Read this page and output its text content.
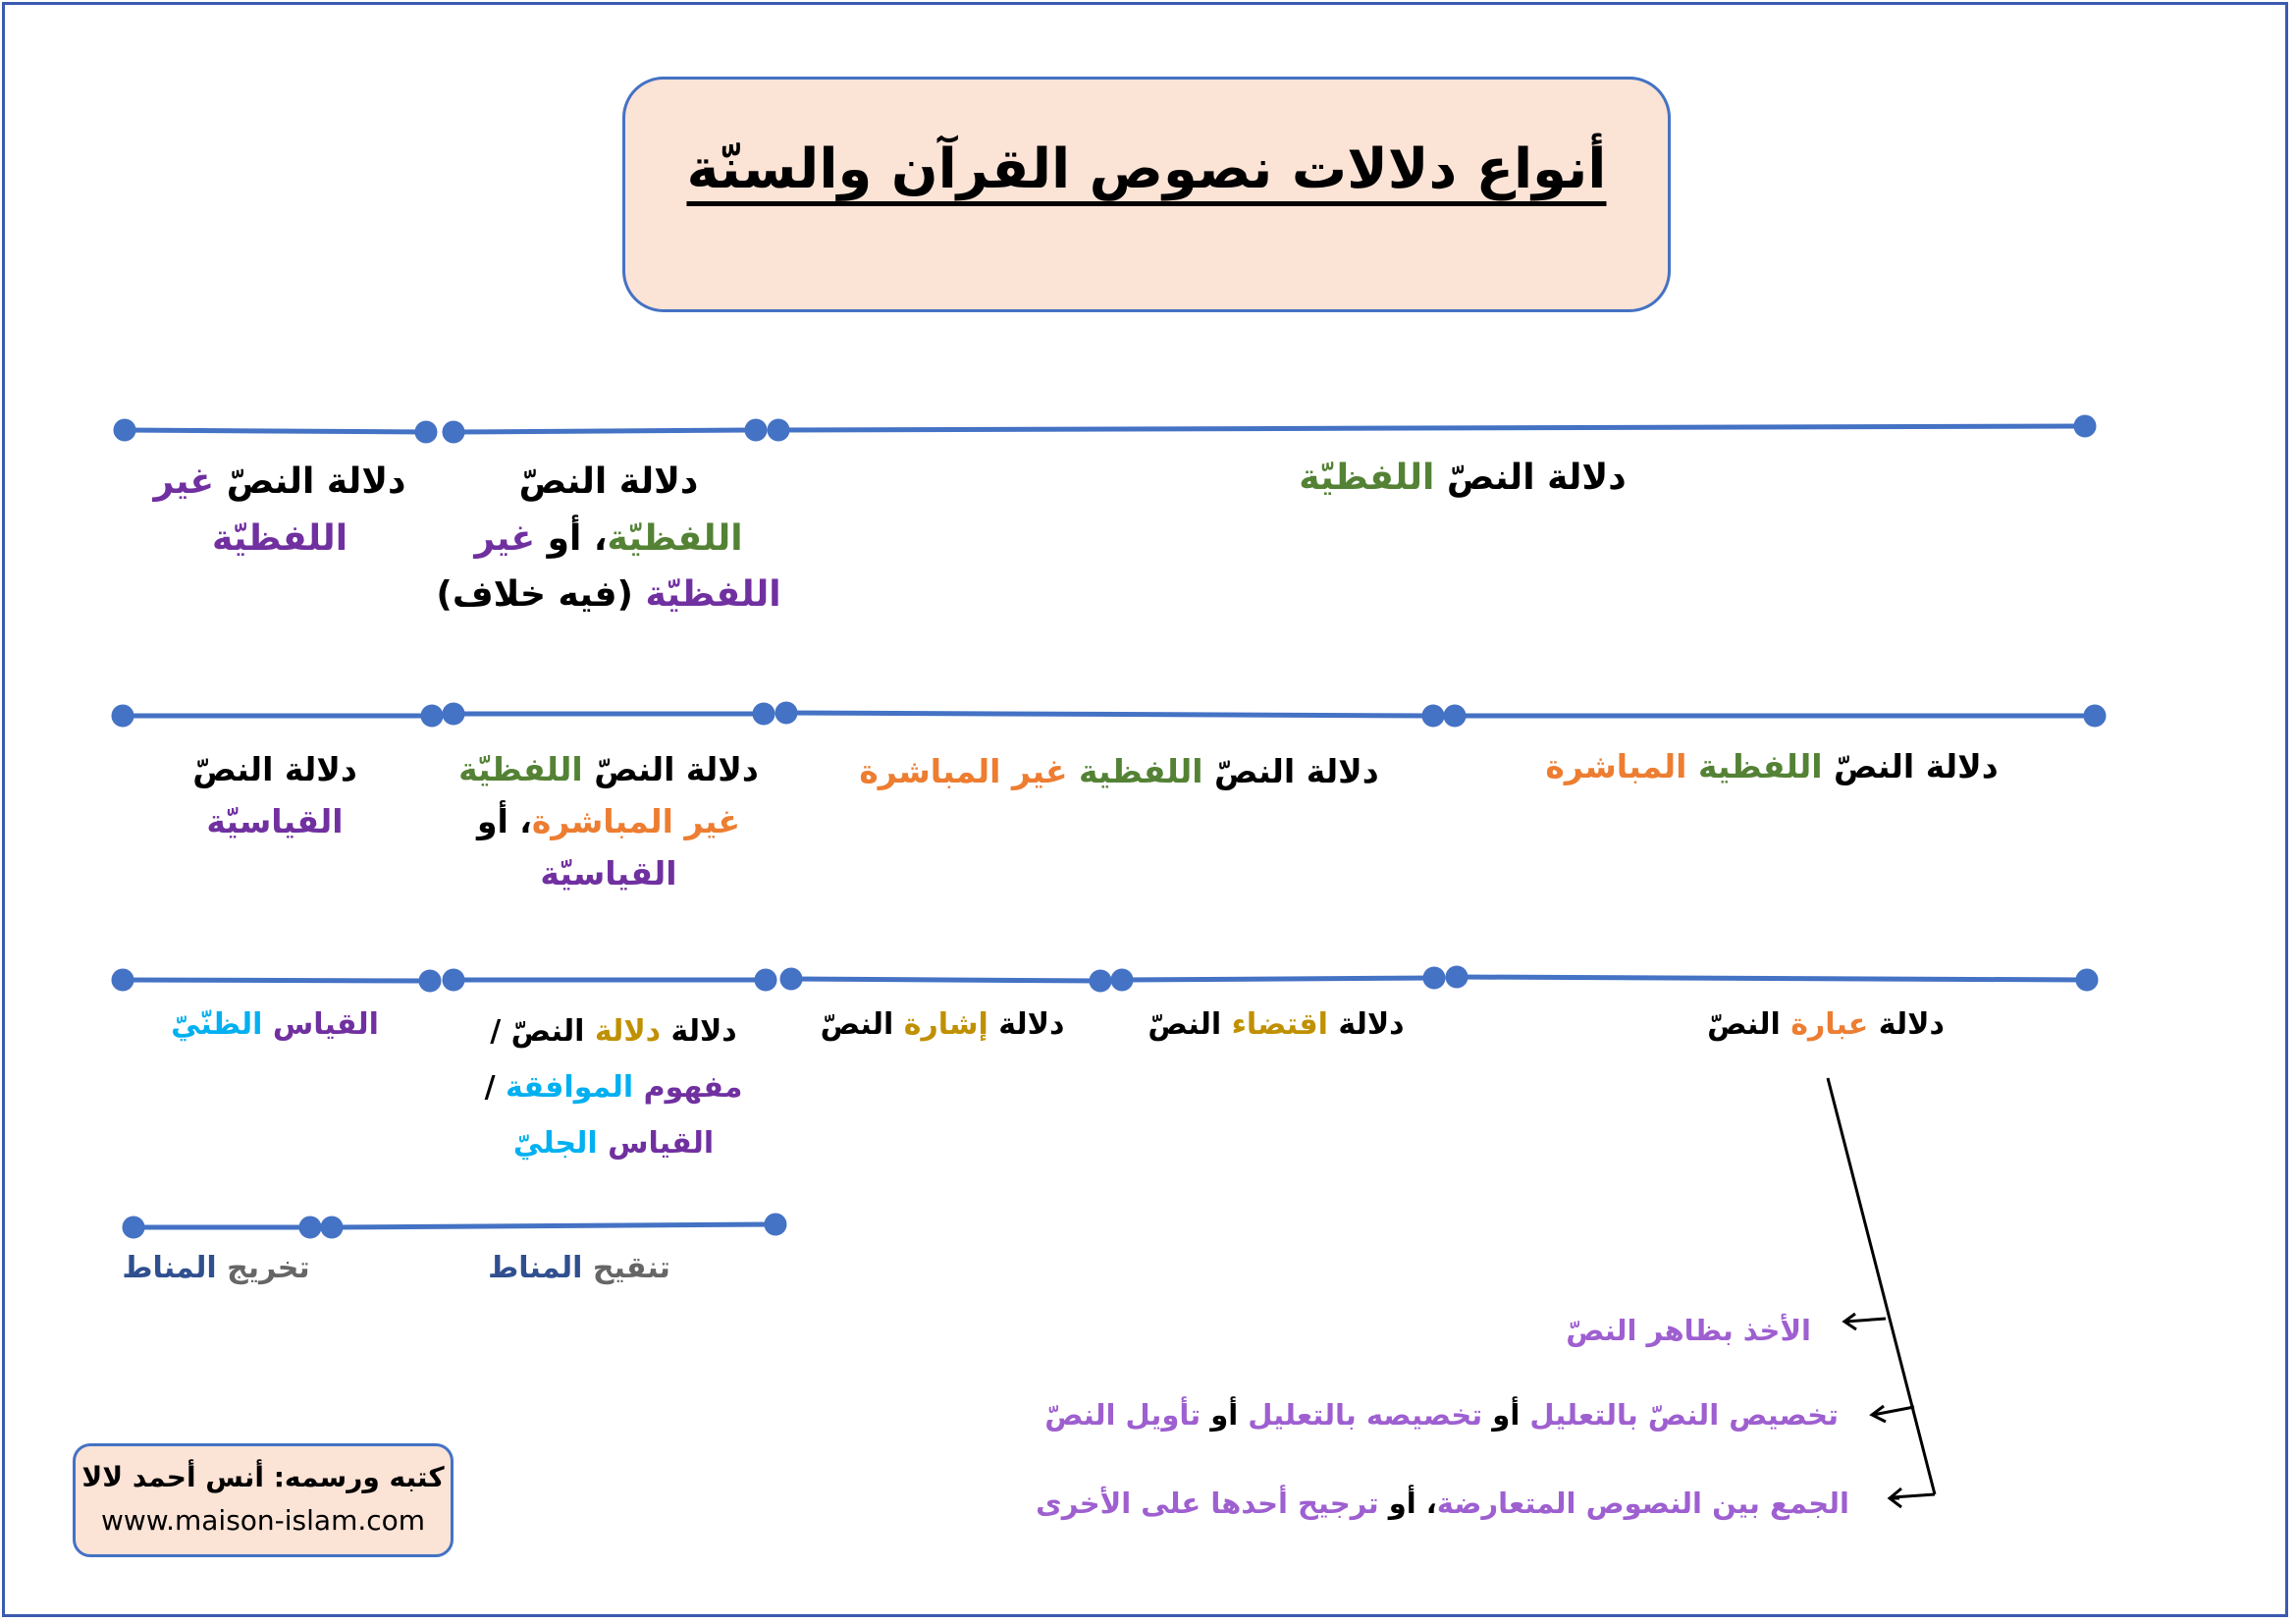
أنواع دلالات نصوص القرآن والسنّة
دلالة النصّ اللفظيّة
دلالة النصّ
اللفظيّة، أو غير
اللفظيّة (فيه خلاف)
دلالة النصّ غير
اللفظيّة
دلالة النصّ اللفظية المباشرة
دلالة النصّ اللفظية غير المباشرة
دلالة النصّ اللفظيّة
غير المباشرة، أو
القياسيّة
دلالة النصّ
القياسيّة
دلالة عبارة النصّ
دلالة اقتضاء النصّ
دلالة إشارة النصّ
دلالة دلالة النصّ /
مفهوم الموافقة /
القياس الجليّ
القياس الظنّيّ
تنقيح المناط
تخريج المناط
الأخذ بظاهر النصّ
تخصيص النصّ بالتعليل أو تخصيصه بالتعليل أو تأويل النصّ
الجمع بين النصوص المتعارضة، أو ترجيح أحدها على الأخرى
كتبه ورسمه: أنس أحمد لالا
www.maison-islam.com
